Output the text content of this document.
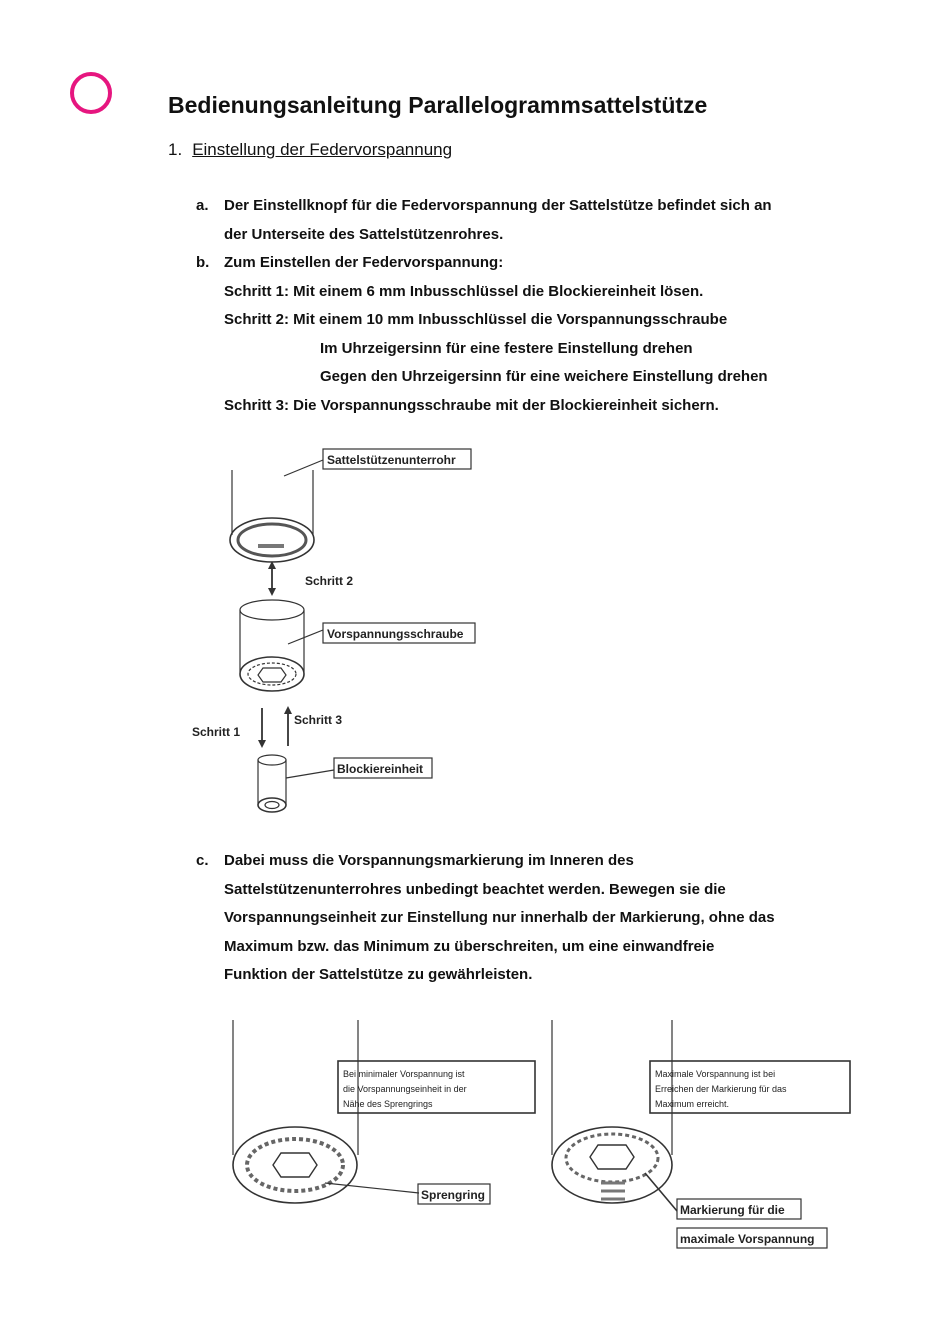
Bedienungsanleitung Parallelogrammsattelstütze
1. Einstellung der Federvorspannung
a. Der Einstellknopf für die Federvorspannung der Sattelstütze befindet sich an
der Unterseite des Sattelstützenrohres.
b. Zum Einstellen der Federvorspannung:
Schritt 1: Mit einem 6 mm Inbusschlüssel die Blockiereinheit lösen.
Schritt 2: Mit einem 10 mm Inbusschlüssel die Vorspannungsschraube
Im Uhrzeigersinn für eine festere Einstellung drehen
Gegen den Uhrzeigersinn für eine weichere Einstellung drehen
Schritt 3: Die Vorspannungsschraube mit der Blockiereinheit sichern.
Sattelstützenunterrohr
Schritt 2
Vorspannungsschraube
Schritt 1
Schritt 3
Blockiereinheit
c. Dabei muss die Vorspannungsmarkierung im Inneren des
Sattelstützenunterrohres unbedingt beachtet werden. Bewegen sie die
Vorspannungseinheit zur Einstellung nur innerhalb der Markierung, ohne das
Maximum bzw. das Minimum zu überschreiten, um eine einwandfreie
Funktion der Sattelstütze zu gewährleisten.
Bei minimaler Vorspannung ist
die Vorspannungseinheit in der
Nähe des Sprengrings
Sprengring
Maximale Vorspannung ist bei
Erreichen der Markierung für das
Maximum erreicht.
Markierung für die
maximale Vorspannung
